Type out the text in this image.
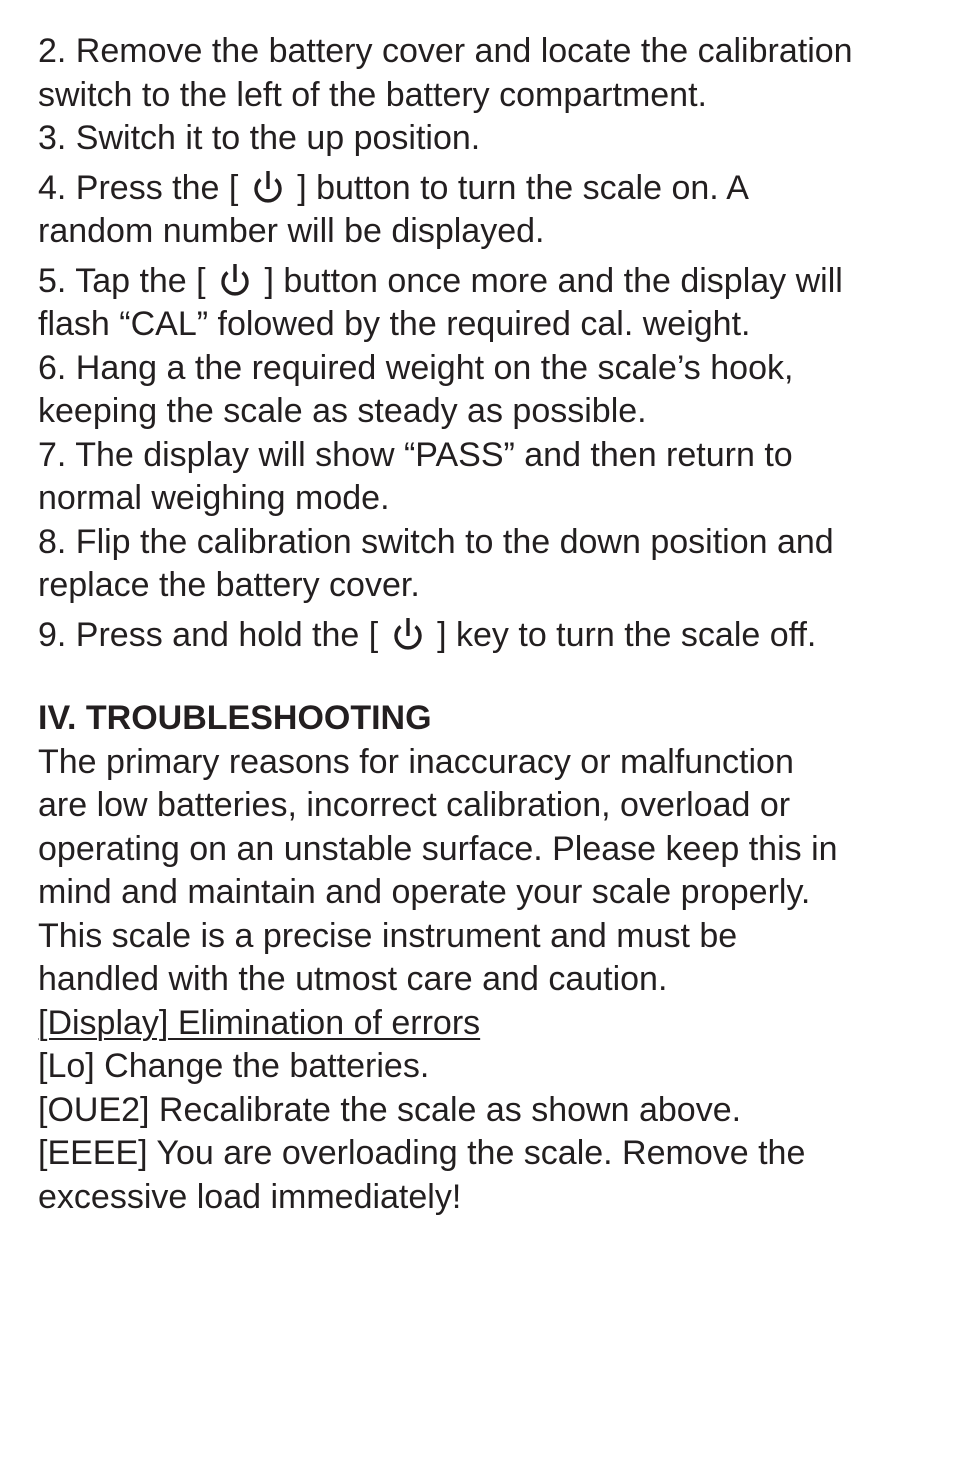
2. Remove the battery cover and locate the calibration

switch to the left of the battery compartment.

3. Switch it to the up position.

4. Press the [
] button to turn the scale on. A

random number will be displayed.

5. Tap the [
] button once more and the display will

flash “CAL” folowed by the required cal. weight.

6. Hang a the required weight on the scale’s hook,

keeping the scale as steady as possible.

7. The display will show “PASS” and then return to

normal weighing mode.

8. Flip the calibration switch to the down position and

replace the battery cover.

9. Press and hold the [
] key to turn the scale off.

IV. TROUBLESHOOTING

The primary reasons for inaccuracy or malfunction

are low batteries, incorrect calibration, overload or

operating on an unstable surface. Please keep this in

mind and maintain and operate your scale properly.

This scale is a precise instrument and must be

handled with the utmost care and caution.

[Display] Elimination of errors

[Lo] Change the batteries.

[OUE2] Recalibrate the scale as shown above.

[EEEE] You are overloading the scale. Remove the

excessive load immediately!
